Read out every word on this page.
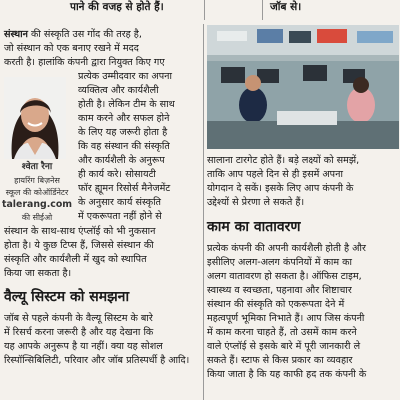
पाने की वजह से होते हैं।	जॉब से।
संस्थान की संस्कृति उस गोंद की तरह है,
जो संस्थान को एक बनाए रखने में मदद
करती है। हालांकि कंपनी द्वारा नियुक्त किए गए
श्वेता रैना
हायरिंग बिज़नेस
स्कूल की कोऑर्डिनेटर
talerang.com
की सीईओ
प्रत्येक उम्मीदवार का अपना
व्यक्तित्व और कार्यशैली
होती है। लेकिन टीम के साथ
काम करने और सफल होने
के लिए यह जरूरी होता है
कि वह संस्थान की संस्कृति
और कार्यशैली के अनुरूप
ही कार्य करे। सोसायटी
फॉर ह्यूमन रिसोर्स मैनेजमेंट
के अनुसार कार्य संस्कृति
में एकरूपता नहीं होने से
संस्थान के साथ-साथ एंप्लॉई को भी नुकसान
होता है। ये कुछ टिप्स हैं, जिससे संस्थान की
संस्कृति और कार्यशैली में खुद को स्थापित
किया जा सकता है।
वैल्यू सिस्टम को समझना
जॉब से पहले कंपनी के वैल्यू सिस्टम के बारे
में रिसर्च करना जरूरी है और यह देखना कि
यह आपके अनुरूप है या नहीं। क्या यह सोशल
रिस्पॉन्सिबिलिटी, परिवार और जॉब प्रतिस्पर्धी है आदि।
सालाना टारगेट होते हैं। बड़े लक्ष्यों को समझें,
ताकि आप पहले दिन से ही इसमें अपना
योगदान दे सकें। इसके लिए आप कंपनी के
उद्देश्यों से प्रेरणा ले सकते हैं।
काम का वातावरण
प्रत्येक कंपनी की अपनी कार्यशैली होती है और
इसीलिए अलग-अलग कंपनियों में काम का
अलग वातावरण हो सकता है। ऑफिस टाइम,
स्वास्थ्य व स्वच्छता, पहनावा और शिष्टाचार
संस्थान की संस्कृति को एकरूपता देने में
महत्वपूर्ण भूमिका निभाते हैं। आप जिस कंपनी
में काम करना चाहते हैं, तो उसमें काम करने
वाले एंप्लॉई से इसके बारे में पूरी जानकारी ले
सकते हैं। स्टाफ से किस प्रकार का व्यवहार
किया जाता है कि यह काफी हद तक कंपनी के
